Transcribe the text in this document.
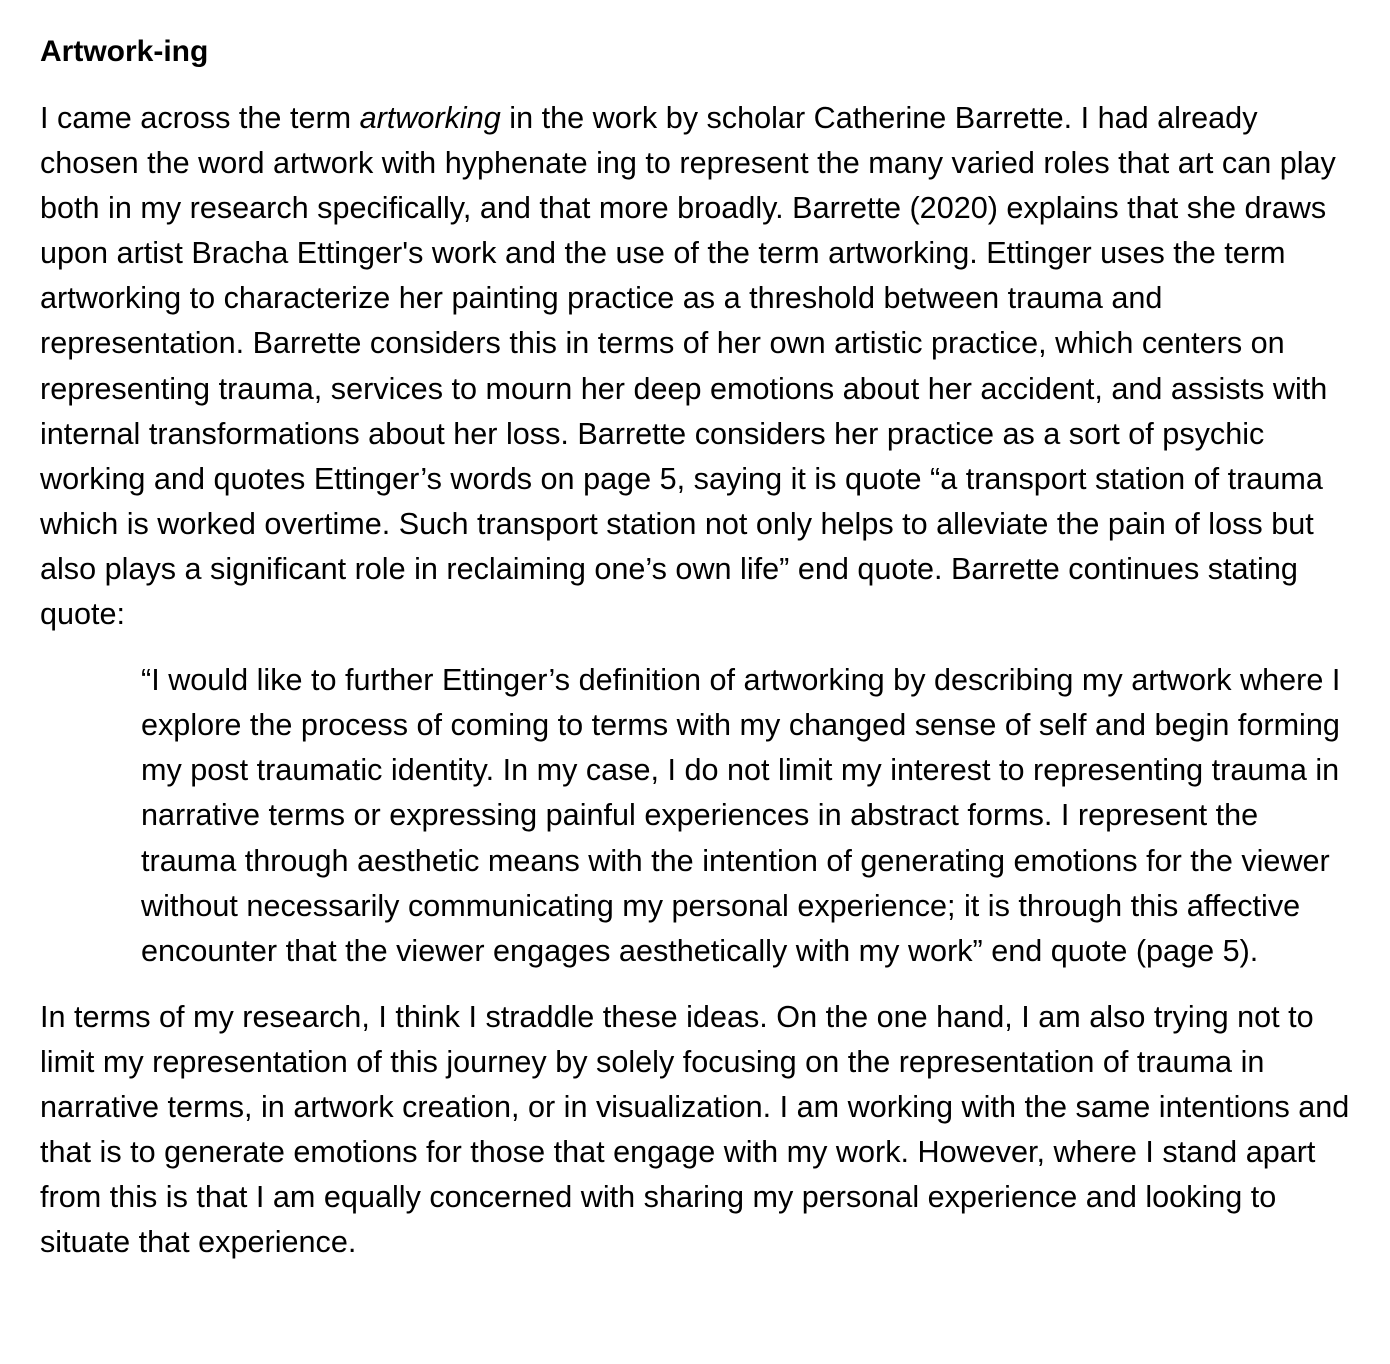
Artwork-ing

I came across the term artworking in the work by scholar Catherine Barrette. I had already chosen the word artwork with hyphenate ing to represent the many varied roles that art can play both in my research specifically, and that more broadly. Barrette (2020) explains that she draws upon artist Bracha Ettinger's work and the use of the term artworking. Ettinger uses the term artworking to characterize her painting practice as a threshold between trauma and representation. Barrette considers this in terms of her own artistic practice, which centers on representing trauma, services to mourn her deep emotions about her accident, and assists with internal transformations about her loss. Barrette considers her practice as a sort of psychic working and quotes Ettinger’s words on page 5, saying it is quote “a transport station of trauma which is worked overtime. Such transport station not only helps to alleviate the pain of loss but also plays a significant role in reclaiming one’s own life” end quote. Barrette continues stating quote:

“I would like to further Ettinger’s definition of artworking by describing my artwork where I explore the process of coming to terms with my changed sense of self and begin forming my post traumatic identity. In my case, I do not limit my interest to representing trauma in narrative terms or expressing painful experiences in abstract forms. I represent the trauma through aesthetic means with the intention of generating emotions for the viewer without necessarily communicating my personal experience; it is through this affective encounter that the viewer engages aesthetically with my work” end quote (page 5).

In terms of my research, I think I straddle these ideas. On the one hand, I am also trying not to limit my representation of this journey by solely focusing on the representation of trauma in narrative terms, in artwork creation, or in visualization. I am working with the same intentions and that is to generate emotions for those that engage with my work. However, where I stand apart from this is that I am equally concerned with sharing my personal experience and looking to situate that experience.
